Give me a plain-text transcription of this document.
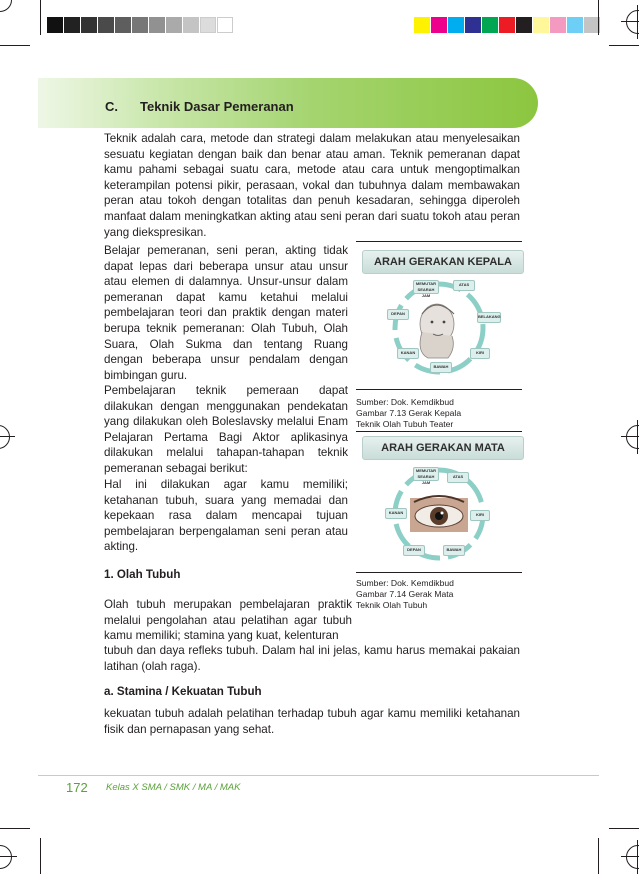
C. Teknik Dasar Pemeranan

Teknik adalah cara, metode dan strategi dalam melakukan atau menyelesaikan sesuatu kegiatan dengan baik dan benar atau aman. Teknik pemeranan dapat kamu pahami sebagai suatu cara, metode atau cara untuk mengoptimalkan keterampilan potensi pikir, perasaan, vokal dan tubuhnya dalam membawakan peran atau tokoh dengan totalitas dan penuh kesadaran, sehingga diperoleh manfaat dalam meningkatkan akting atau seni peran dari suatu tokoh atau peran yang diekspresikan.

Belajar pemeranan, seni peran, akting tidak dapat lepas dari beberapa unsur atau unsur atau elemen di dalamnya. Unsur-unsur dalam pemeranan dapat kamu ketahui melalui pembelajaran teori dan praktik dengan materi berupa teknik pemeranan: Olah Tubuh, Olah Suara, Olah Sukma dan tentang Ruang dengan beberapa unsur pendalam dengan bimbingan guru.

Pembelajaran teknik pemeraan dapat dilakukan dengan menggunakan pendekatan yang dilakukan oleh Boleslavsky melalui Enam Pelajaran Pertama Bagi Aktor aplikasinya dilakukan melalui tahapan-tahapan teknik pemeranan sebagai berikut:

Hal ini dilakukan agar kamu memiliki; ketahanan tubuh, suara yang memadai dan kepekaan rasa dalam mencapai tujuan pembelajaran berpengalaman seni peran atau akting.

1. Olah Tubuh

Olah tubuh merupakan pembelajaran praktik melalui pengolahan atau pelatihan agar tubuh kamu memiliki; stamina yang kuat, kelenturan

tubuh dan daya refleks tubuh. Dalam hal ini jelas, kamu harus memakai pakaian latihan (olah raga).

a. Stamina / Kekuatan Tubuh

kekuatan tubuh adalah pelatihan terhadap tubuh agar kamu memiliki ketahanan fisik dan pernapasan yang sehat.

ARAH GERAKAN KEPALA
MEMUTAR SEARAH JAM
ATAS
DEPAN
BELAKANG
KANAN	KIRI
BAWAH

Sumber: Dok. Kemdikbud

Gambar 7.13 Gerak Kepala

Teknik Olah Tubuh Teater

ARAH GERAKAN MATA
MEMUTAR SEARAH JAM
ATAS
KANAN	KIRI
DEPAN	BAWAH

Sumber: Dok. Kemdikbud

Gambar 7.14 Gerak Mata

Teknik Olah Tubuh

172 Kelas X SMA / SMK / MA / MAK
